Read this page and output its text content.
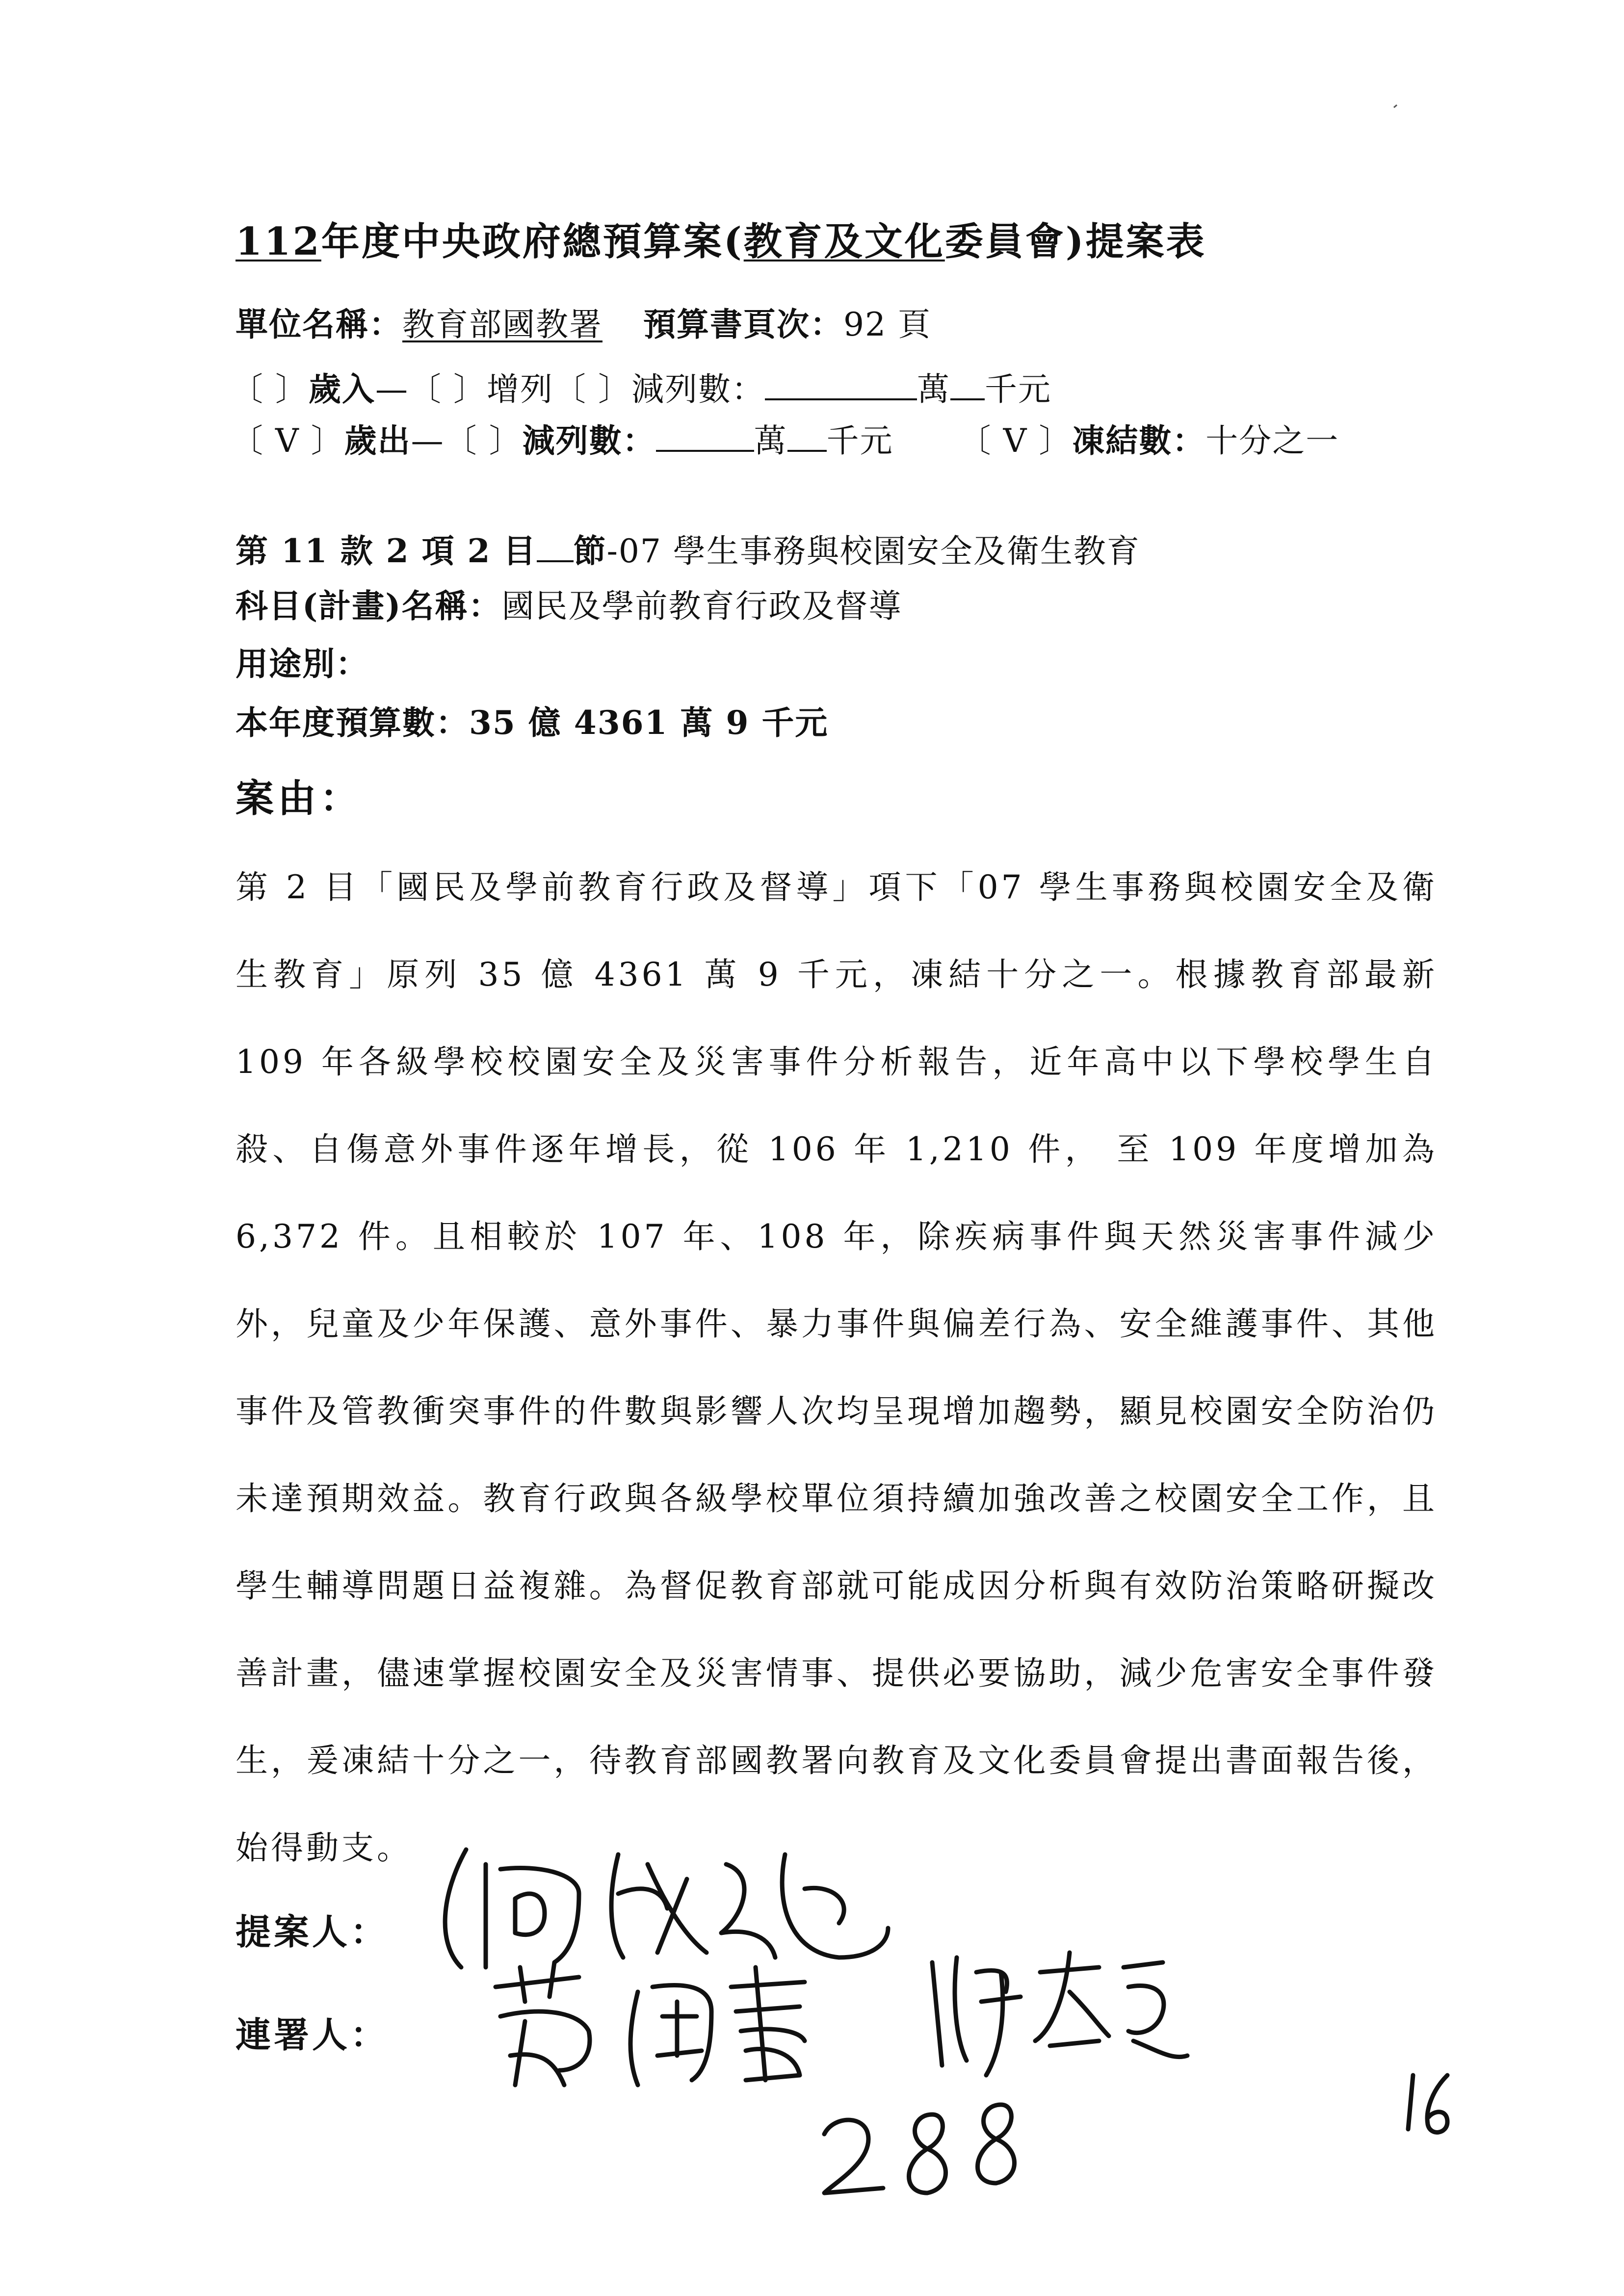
112年度中央政府總預算案(教育及文化委員會)提案表
單位名稱：教育部國教署 預算書頁次：92 頁
〔 〕歲入—〔 〕增列〔 〕減列數：	萬 千元
〔 V 〕歲出—〔 〕減列數：	萬 千元 〔 V 〕凍結數：十分之一
第 11 款 2 項 2 目 節-07 學生事務與校園安全及衛生教育
科目(計畫)名稱：國民及學前教育行政及督導
用途別：
本年度預算數：35 億 4361 萬 9 千元
案由：
第 2 目「國民及學前教育行政及督導」項下「07 學生事務與校園安全及衛生教育」原列 35 億 4361 萬 9 千元，凍結十分之一。根據教育部最新 109 年各級學校校園安全及災害事件分析報告，近年高中以下學校學生自殺、自傷意外事件逐年增長，從 106 年 1,210 件， 至 109 年度增加為 6,372 件。且相較於 107 年、108 年，除疾病事件與天然災害事件減少外，兒童及少年保護、意外事件、暴力事件與偏差行為、安全維護事件、其他事件及管教衝突事件的件數與影響人次均呈現增加趨勢，顯見校園安全防治仍未達預期效益。教育行政與各級學校單位須持續加強改善之校園安全工作，且學生輔導問題日益複雜。為督促教育部就可能成因分析與有效防治策略研擬改善計畫，儘速掌握校園安全及災害情事、提供必要協助，減少危害安全事件發生，爰凍結十分之一，待教育部國教署向教育及文化委員會提出書面報告後，始得動支。
提案人：
連署人：
